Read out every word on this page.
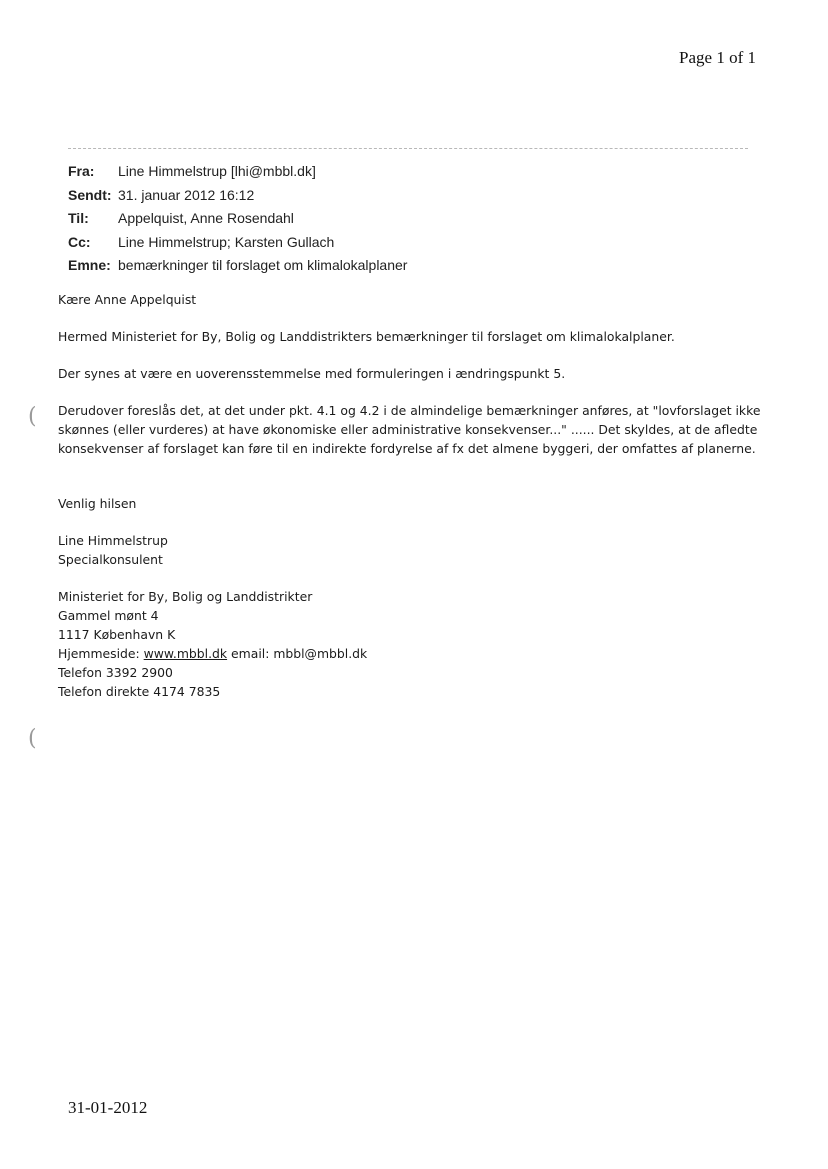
Page 1 of 1
Fra:	Line Himmelstrup [lhi@mbbl.dk]
Sendt: 31. januar 2012 16:12
Til:	Appelquist, Anne Rosendahl
Cc:	Line Himmelstrup; Karsten Gullach
Emne: bemærkninger til forslaget om klimalokalplaner

Kære Anne Appelquist

Hermed Ministeriet for By, Bolig og Landdistrikters bemærkninger til forslaget om klimalokalplaner.

Der synes at være en uoverensstemmelse med formuleringen i ændringspunkt 5.

Derudover foreslås det, at det under pkt. 4.1 og 4.2 i de almindelige bemærkninger anføres, at "lovforslaget ikke

skønnes (eller vurderes) at have økonomiske eller administrative konsekvenser..." ...... Det skyldes, at de afledte

konsekvenser af forslaget kan føre til en indirekte fordyrelse af fx det almene byggeri, der omfattes af planerne.

Venlig hilsen

Line Himmelstrup

Specialkonsulent

Ministeriet for By, Bolig og Landdistrikter

Gammel mønt 4

1117 København K

Hjemmeside: www.mbbl.dk email: mbbl@mbbl.dk

Telefon 3392 2900

Telefon direkte 4174 7835

(
(
31-01-2012
